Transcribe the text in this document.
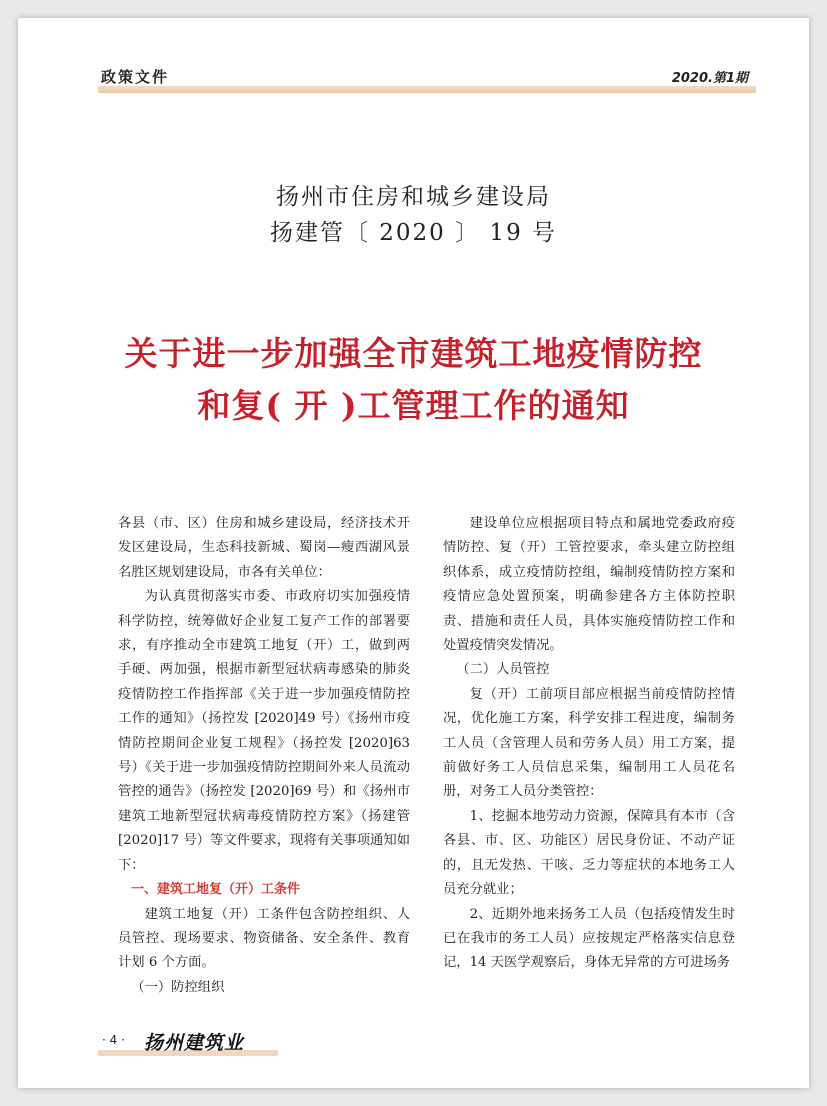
政策文件	2020.第1期
扬州市住房和城乡建设局
扬建管〔 2020 〕 19 号
关于进一步加强全市建筑工地疫情防控
和复( 开 )工管理工作的通知

各县（市、区）住房和城乡建设局，经济技术开发区建设局，生态科技新城、蜀岗—瘦西湖风景名胜区规划建设局，市各有关单位：

为认真贯彻落实市委、市政府切实加强疫情科学防控，统筹做好企业复工复产工作的部署要求，有序推动全市建筑工地复（开）工，做到两手硬、两加强，根据市新型冠状病毒感染的肺炎疫情防控工作指挥部《关于进一步加强疫情防控工作的通知》（扬控发 [2020]49 号）《扬州市疫情防控期间企业复工规程》（扬控发 [2020]63 号）《关于进一步加强疫情防控期间外来人员流动管控的通告》（扬控发 [2020]69 号）和《扬州市建筑工地新型冠状病毒疫情防控方案》（扬建管 [2020]17 号）等文件要求，现将有关事项通知如下：

一、建筑工地复（开）工条件

建筑工地复（开）工条件包含防控组织、人员管控、现场要求、物资储备、安全条件、教育计划 6 个方面。

（一）防控组织

建设单位应根据项目特点和属地党委政府疫情防控、复（开）工管控要求，牵头建立防控组织体系，成立疫情防控组，编制疫情防控方案和疫情应急处置预案，明确参建各方主体防控职责、措施和责任人员，具体实施疫情防控工作和处置疫情突发情况。

（二）人员管控

复（开）工前项目部应根据当前疫情防控情况，优化施工方案，科学安排工程进度，编制务工人员（含管理人员和劳务人员）用工方案，提前做好务工人员信息采集，编制用工人员花名册，对务工人员分类管控：

1、挖掘本地劳动力资源，保障具有本市（含各县、市、区、功能区）居民身份证、不动产证的，且无发热、干咳、乏力等症状的本地务工人员充分就业；

2、近期外地来扬务工人员（包括疫情发生时已在我市的务工人员）应按规定严格落实信息登记，14 天医学观察后，身体无异常的方可进场务

· 4 · 扬州建筑业
